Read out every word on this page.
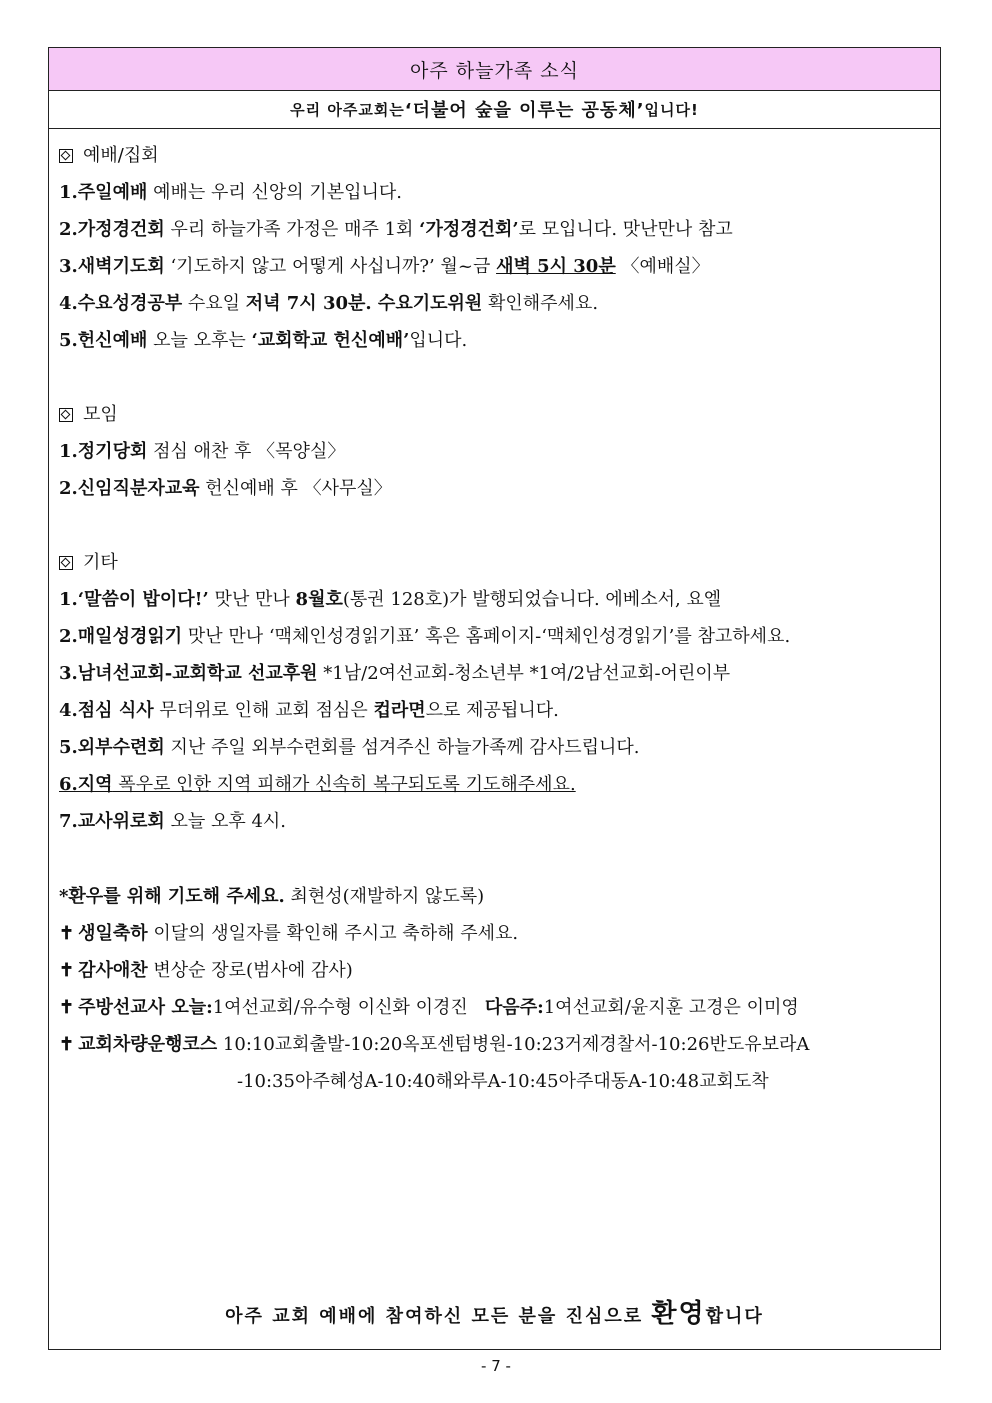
아주 하늘가족 소식
우리 아주교회는 ‘더불어 숲을 이루는 공동체’ 입니다!
예배/집회
1.주일예배 예배는 우리 신앙의 기본입니다.
2.가정경건회 우리 하늘가족 가정은 매주 1회 ‘가정경건회’로 모입니다. 맛난만나 참고
3.새벽기도회 ‘기도하지 않고 어떻게 사십니까?’ 월~금 새벽 5시 30분 〈예배실〉
4.수요성경공부 수요일 저녁 7시 30분. 수요기도위원 확인해주세요.
5.헌신예배 오늘 오후는 ‘교회학교 헌신예배’입니다.
모임
1.정기당회 점심 애찬 후 〈목양실〉
2.신임직분자교육 헌신예배 후 〈사무실〉
기타
1.‘말씀이 밥이다!’ 맛난 만나 8월호(통권 128호)가 발행되었습니다. 에베소서, 요엘
2.매일성경읽기 맛난 만나 ‘맥체인성경읽기표’ 혹은 홈페이지-‘맥체인성경읽기’를 참고하세요.
3.남녀선교회-교회학교 선교후원 *1남/2여선교회-청소년부 *1여/2남선교회-어린이부
4.점심 식사 무더위로 인해 교회 점심은 컵라면으로 제공됩니다.
5.외부수련회 지난 주일 외부수련회를 섬겨주신 하늘가족께 감사드립니다.
6.지역 폭우로 인한 지역 피해가 신속히 복구되도록 기도해주세요.
7.교사위로회 오늘 오후 4시.
*환우를 위해 기도해 주세요. 최현성(재발하지 않도록)
✝ 생일축하 이달의 생일자를 확인해 주시고 축하해 주세요.
✝ 감사애찬 변상순 장로(범사에 감사)
✝ 주방선교사 오늘:1여선교회/유수형 이신화 이경진 다음주:1여선교회/윤지훈 고경은 이미영
✝ 교회차량운행코스 10:10교회출발-10:20옥포센텀병원-10:23거제경찰서-10:26반도유보라A
-10:35아주혜성A-10:40해와루A-10:45아주대동A-10:48교회도착
아주 교회 예배에 참여하신 모든 분을 진심으로 환영합니다
- 7 -
